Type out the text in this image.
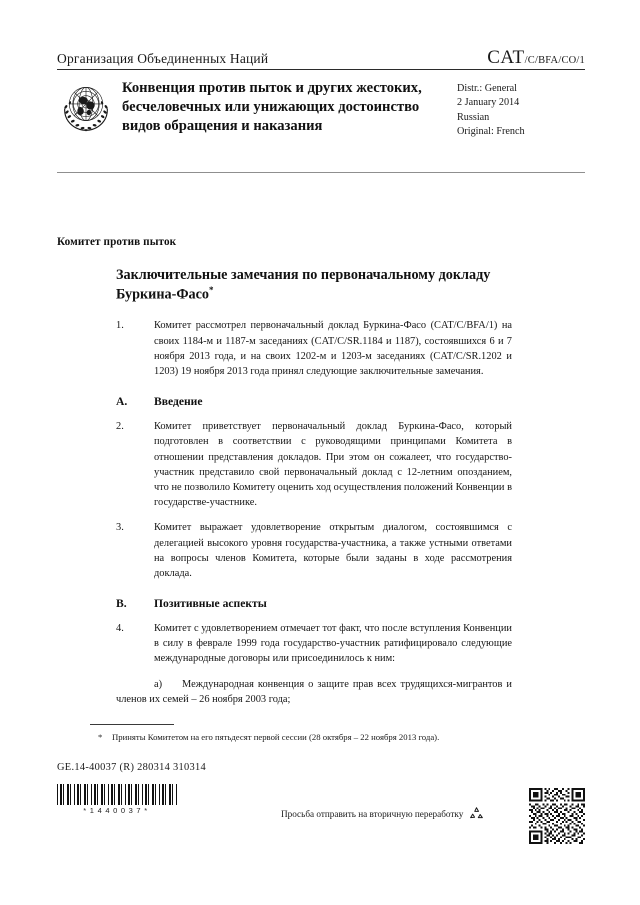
Организация Объединенных Наций	CAT/C/BFA/CO/1
Конвенция против пыток и других жестоких, бесчеловечных или унижающих достоинство видов обращения и наказания
Distr.: General
2 January 2014
Russian
Original: French
Комитет против пыток
Заключительные замечания по первоначальному докладу Буркина-Фасо*

1.	Комитет рассмотрел первоначальный доклад Буркина-Фасо (CAT/C/BFA/1) на своих 1184-м и 1187-м заседаниях (CAT/C/SR.1184 и 1187), состоявшихся 6 и 7 ноября 2013 года, и на своих 1202-м и 1203-м заседаниях (CAT/C/SR.1202 и 1203) 19 ноября 2013 года принял следующие заключительные замечания.

A.	Введение

2.	Комитет приветствует первоначальный доклад Буркина-Фасо, который подготовлен в соответствии с руководящими принципами Комитета в отношении представления докладов. При этом он сожалеет, что государство-участник представило свой первоначальный доклад с 12-летним опозданием, что не позволило Комитету оценить ход осуществления положений Конвенции в государстве-участнике.

3.	Комитет выражает удовлетворение открытым диалогом, состоявшимся с делегацией высокого уровня государства-участника, а также устными ответами на вопросы членов Комитета, которые были заданы в ходе рассмотрения доклада.

B.	Позитивные аспекты

4.	Комитет с удовлетворением отмечает тот факт, что после вступления Конвенции в силу в феврале 1999 года государство-участник ратифицировало следующие международные договоры или присоединилось к ним:

a) Международная конвенция о защите прав всех трудящихся-мигрантов и членов их семей – 26 ноября 2003 года;

* Приняты Комитетом на его пятьдесят первой сессии (28 октября – 22 ноября 2013 года).
GE.14-40037 (R) 280314 310314
*1440037*	Просьба отправить на вторичную переработку
